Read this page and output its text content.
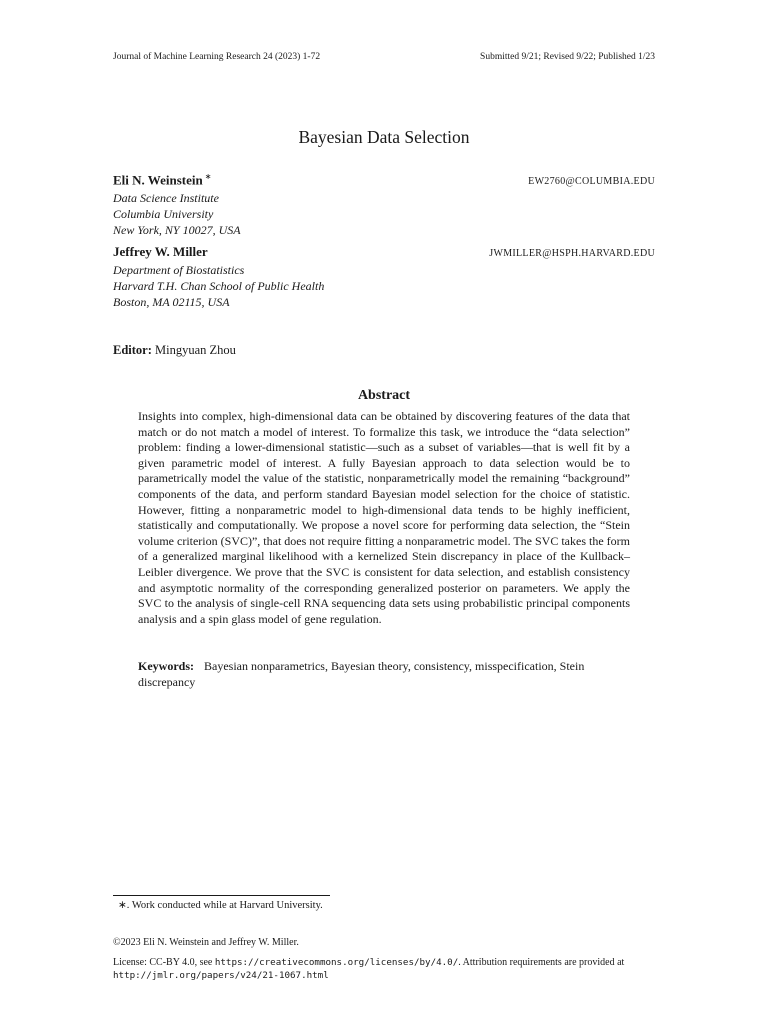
Journal of Machine Learning Research 24 (2023) 1-72	Submitted 9/21; Revised 9/22; Published 1/23
Bayesian Data Selection
Eli N. Weinstein ∗	EW2760@COLUMBIA.EDU
Data Science Institute
Columbia University
New York, NY 10027, USA
Jeffrey W. Miller	JWMILLER@HSPH.HARVARD.EDU
Department of Biostatistics
Harvard T.H. Chan School of Public Health
Boston, MA 02115, USA
Editor: Mingyuan Zhou
Abstract
Insights into complex, high-dimensional data can be obtained by discovering features of the data that match or do not match a model of interest. To formalize this task, we introduce the “data selection” problem: finding a lower-dimensional statistic—such as a subset of variables—that is well fit by a given parametric model of interest. A fully Bayesian approach to data selection would be to parametrically model the value of the statistic, nonparametrically model the remaining “background” components of the data, and perform standard Bayesian model selection for the choice of statistic. However, fitting a nonparametric model to high-dimensional data tends to be highly inefficient, statistically and computationally. We propose a novel score for performing data selection, the “Stein volume criterion (SVC)”, that does not require fitting a nonparametric model. The SVC takes the form of a generalized marginal likelihood with a kernelized Stein discrepancy in place of the Kullback–Leibler divergence. We prove that the SVC is consistent for data selection, and establish consistency and asymptotic normality of the corresponding generalized posterior on parameters. We apply the SVC to the analysis of single-cell RNA sequencing data sets using probabilistic principal components analysis and a spin glass model of gene regulation.
Keywords: Bayesian nonparametrics, Bayesian theory, consistency, misspecification, Stein discrepancy
∗. Work conducted while at Harvard University.
©2023 Eli N. Weinstein and Jeffrey W. Miller.
License: CC-BY 4.0, see https://creativecommons.org/licenses/by/4.0/. Attribution requirements are provided at http://jmlr.org/papers/v24/21-1067.html
